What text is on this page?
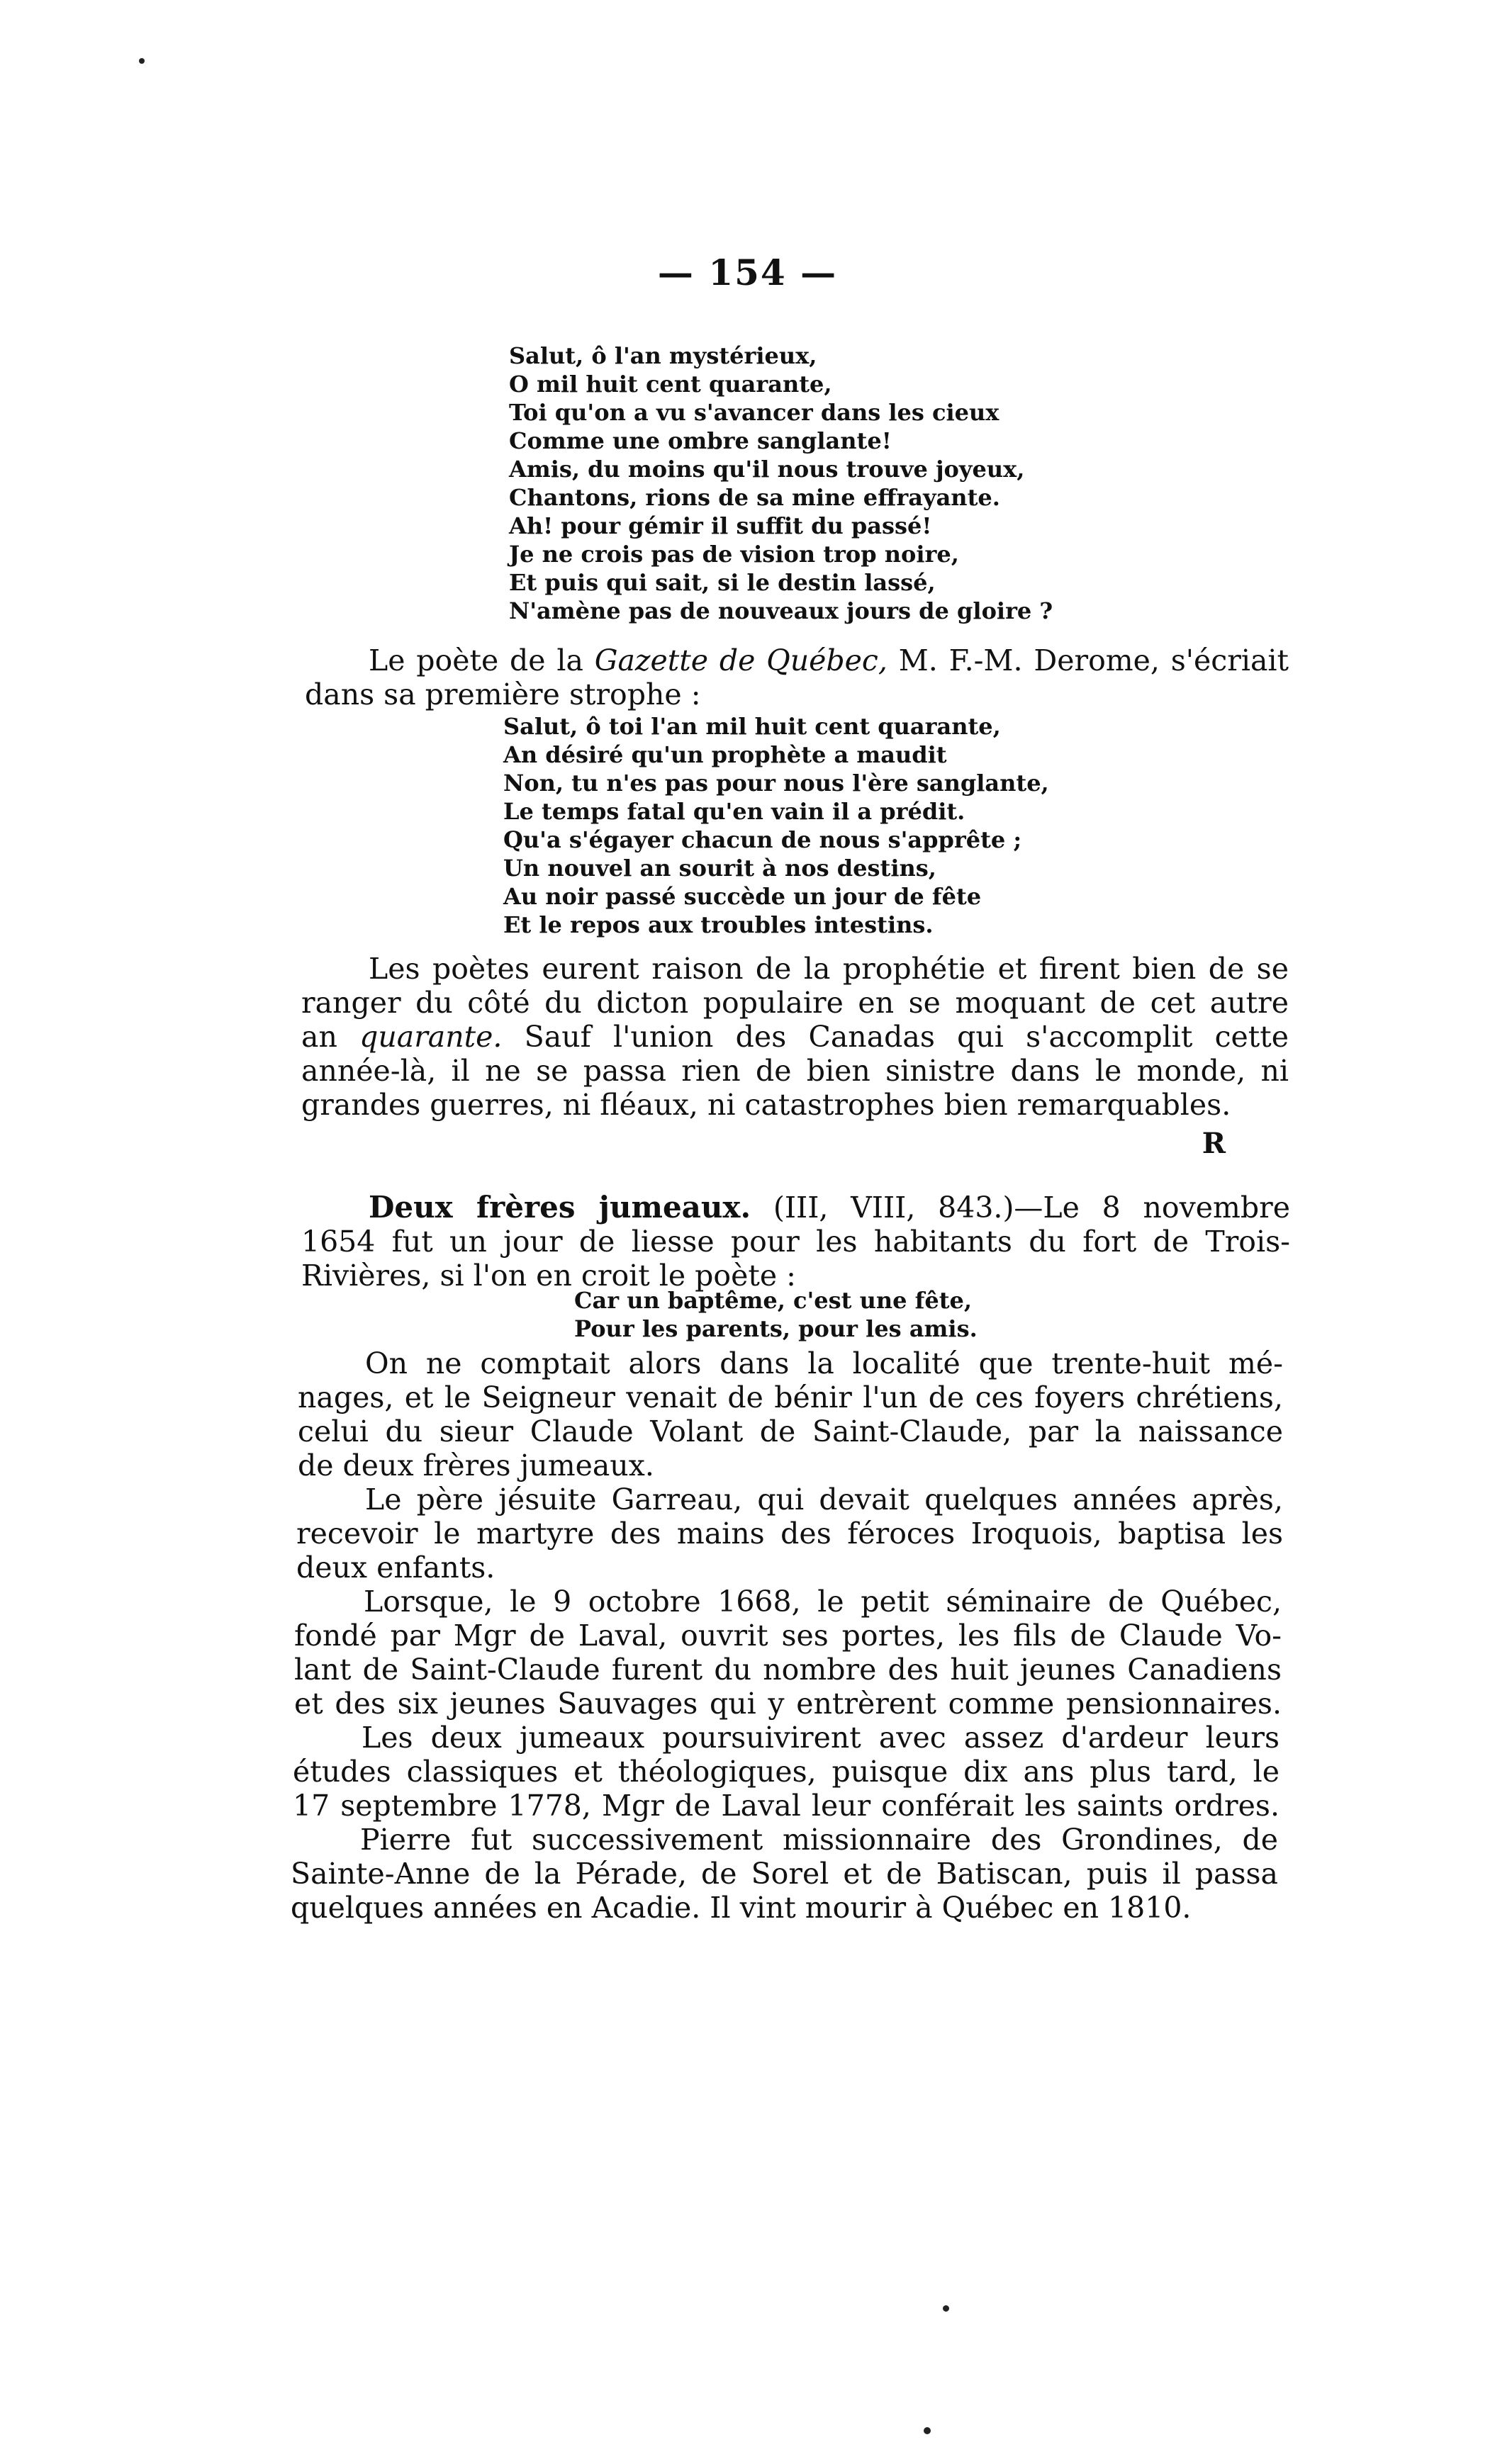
— 154 —
Salut, ô l'an mystérieux,
O mil huit cent quarante,
Toi qu'on a vu s'avancer dans les cieux
Comme une ombre sanglante!
Amis, du moins qu'il nous trouve joyeux,
Chantons, rions de sa mine effrayante.
Ah! pour gémir il suffit du passé!
Je ne crois pas de vision trop noire,
Et puis qui sait, si le destin lassé,
N'amène pas de nouveaux jours de gloire ?
Le poète de la Gazette de Québec, M. F.-M. Derome, s'écriait
dans sa première strophe :
Salut, ô toi l'an mil huit cent quarante,
An désiré qu'un prophète a maudit
Non, tu n'es pas pour nous l'ère sanglante,
Le temps fatal qu'en vain il a prédit.
Qu'a s'égayer chacun de nous s'apprête ;
Un nouvel an sourit à nos destins,
Au noir passé succède un jour de fête
Et le repos aux troubles intestins.
Les poètes eurent raison de la prophétie et firent bien de se
ranger du côté du dicton populaire en se moquant de cet autre
an quarante. Sauf l'union des Canadas qui s'accomplit cette
année-là, il ne se passa rien de bien sinistre dans le monde, ni
grandes guerres, ni fléaux, ni catastrophes bien remarquables.
R
Deux frères jumeaux. (III, VIII, 843.)—Le 8 novembre
1654 fut un jour de liesse pour les habitants du fort de Trois-
Rivières, si l'on en croit le poète :
Car un baptême, c'est une fête,
Pour les parents, pour les amis.
On ne comptait alors dans la localité que trente-huit mé-
nages, et le Seigneur venait de bénir l'un de ces foyers chrétiens,
celui du sieur Claude Volant de Saint-Claude, par la naissance
de deux frères jumeaux.
Le père jésuite Garreau, qui devait quelques années après,
recevoir le martyre des mains des féroces Iroquois, baptisa les
deux enfants.
Lorsque, le 9 octobre 1668, le petit séminaire de Québec,
fondé par Mgr de Laval, ouvrit ses portes, les fils de Claude Vo-
lant de Saint-Claude furent du nombre des huit jeunes Canadiens
et des six jeunes Sauvages qui y entrèrent comme pensionnaires.
Les deux jumeaux poursuivirent avec assez d'ardeur leurs
études classiques et théologiques, puisque dix ans plus tard, le
17 septembre 1778, Mgr de Laval leur conférait les saints ordres.
Pierre fut successivement missionnaire des Grondines, de
Sainte-Anne de la Pérade, de Sorel et de Batiscan, puis il passa
quelques années en Acadie. Il vint mourir à Québec en 1810.
